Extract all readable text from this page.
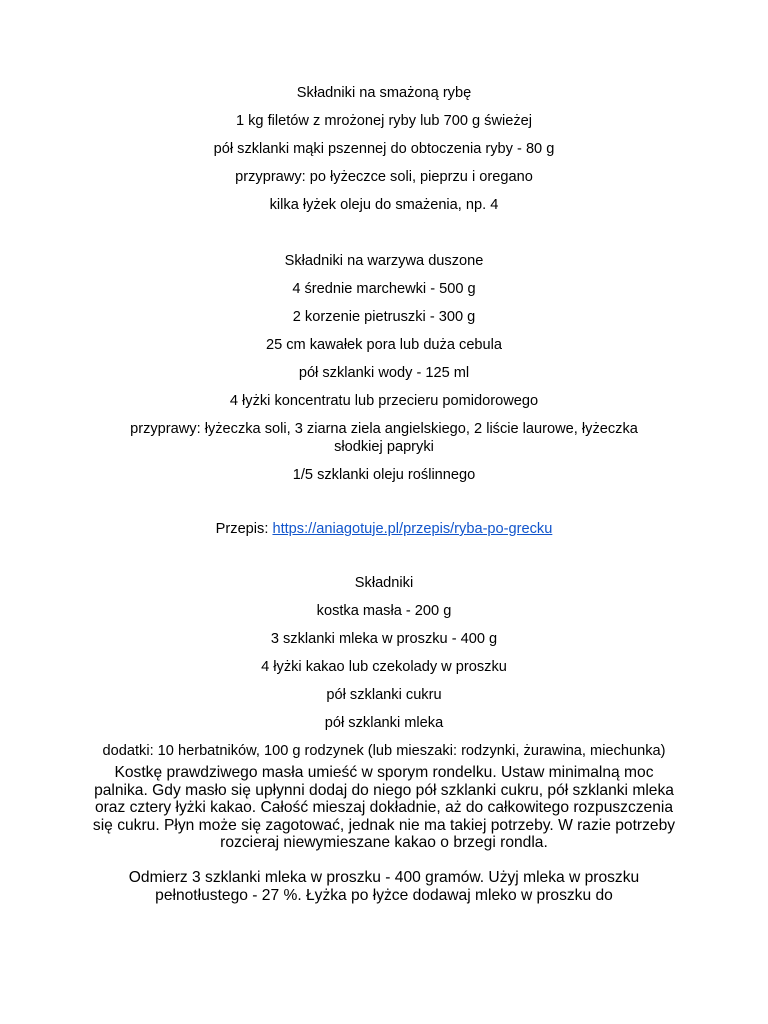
Składniki na smażoną rybę

1 kg filetów z mrożonej ryby lub 700 g świeżej

pół szklanki mąki pszennej do obtoczenia ryby - 80 g

przyprawy: po łyżeczce soli, pieprzu i oregano

kilka łyżek oleju do smażenia, np. 4

Składniki na warzywa duszone

4 średnie marchewki - 500 g

2 korzenie pietruszki - 300 g

25 cm kawałek pora lub duża cebula

pół szklanki wody - 125 ml

4 łyżki koncentratu lub przecieru pomidorowego

przyprawy: łyżeczka soli, 3 ziarna ziela angielskiego, 2 liście laurowe, łyżeczka słodkiej papryki

1/5 szklanki oleju roślinnego

Przepis: https://aniagotuje.pl/przepis/ryba-po-grecku

Składniki

kostka masła - 200 g

3 szklanki mleka w proszku - 400 g

4 łyżki kakao lub czekolady w proszku

pół szklanki cukru

pół szklanki mleka

dodatki: 10 herbatników, 100 g rodzynek (lub mieszaki: rodzynki, żurawina, miechunka)

Kostkę prawdziwego masła umieść w sporym rondelku. Ustaw minimalną moc palnika. Gdy masło się upłynni dodaj do niego pół szklanki cukru, pół szklanki mleka oraz cztery łyżki kakao. Całość mieszaj dokładnie, aż do całkowitego rozpuszczenia się cukru. Płyn może się zagotować, jednak nie ma takiej potrzeby. W razie potrzeby rozcieraj niewymieszane kakao o brzegi rondla.

Odmierz 3 szklanki mleka w proszku - 400 gramów. Użyj mleka w proszku pełnotłustego - 27 %. Łyżka po łyżce dodawaj mleko w proszku do
